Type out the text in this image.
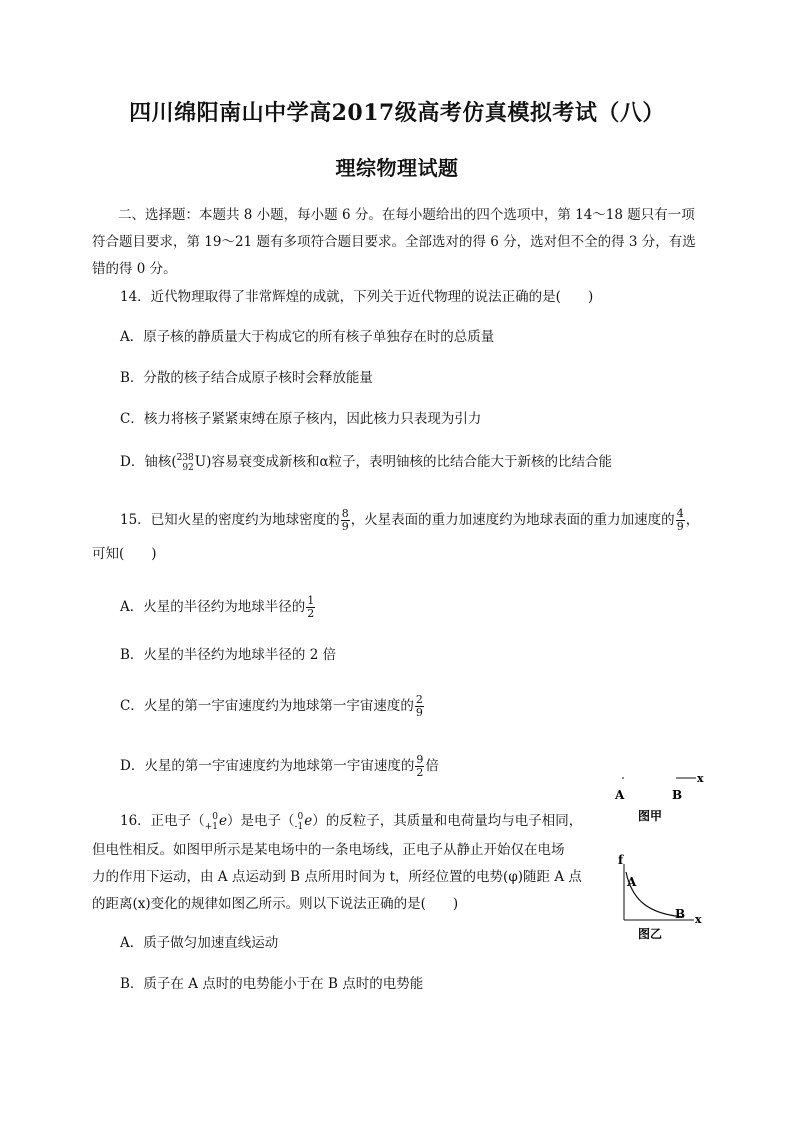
四川绵阳南山中学高2017级高考仿真模拟考试（八）
理综物理试题
二、选择题：本题共 8 小题，每小题 6 分。在每小题给出的四个选项中，第 14～18 题只有一项
符合题目要求，第 19～21 题有多项符合题目要求。全部选对的得 6 分，选对但不全的得 3 分，有选
错的得 0 分。
14．近代物理取得了非常辉煌的成就，下列关于近代物理的说法正确的是(　　)
A．原子核的静质量大于构成它的所有核子单独存在时的总质量
B．分散的核子结合成原子核时会释放能量
C．核力将核子紧紧束缚在原子核内，因此核力只表现为引力
D．铀核( 238
92 U)容易衰变成新核和α粒子，表明铀核的比结合能大于新核的比结合能
15．已知火星的密度约为地球密度的 $\frac{8}{9}$ ，火星表面的重力加速度约为地球表面的重力加速度的 $\frac{4}{9}$ ，
可知(　　)
A．火星的半径约为地球半径的 $\frac{1}{2}$
B．火星的半径约为地球半径的 2 倍
C．火星的第一宇宙速度约为地球第一宇宙速度的 $\frac{2}{9}$
D．火星的第一宇宙速度约为地球第一宇宙速度的 $\frac{9}{2}$ 倍
16．正电子（ 0
+1 e）是电子（ 0
-1 e）的反粒子，其质量和电荷量均与电子相同，
但电性相反。如图甲所示是某电场中的一条电场线，正电子从静止开始仅在电场
力的作用下运动，由 A 点运动到 B 点所用时间为 t，所经位置的电势(φ)随距 A 点
的距离(x)变化的规律如图乙所示。则以下说法正确的是(　　)
A．质子做匀加速直线运动
B．质子在 A 点时的电势能小于在 B 点时的电势能
x
A	B
图甲
f
A
B x
图乙
